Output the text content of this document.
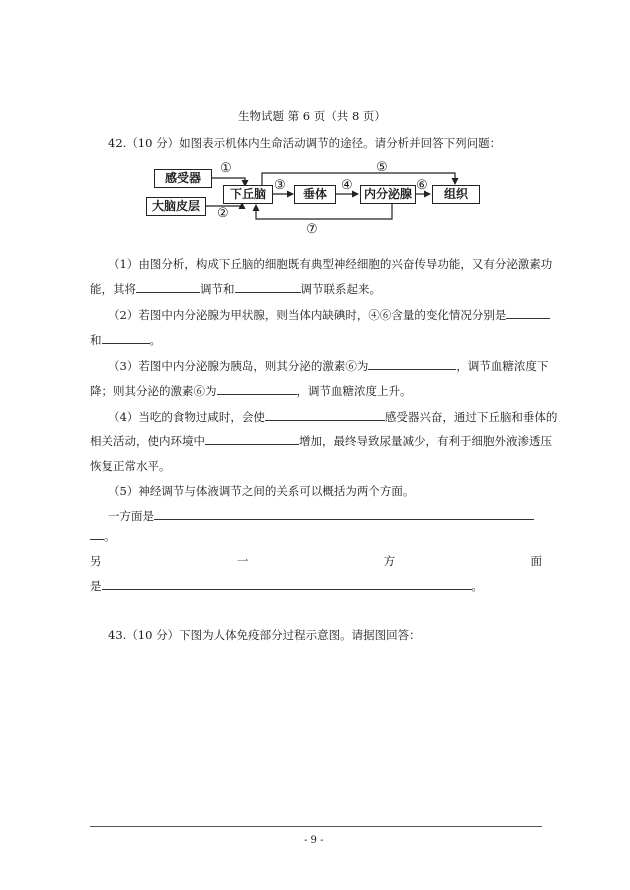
生物试题 第 6 页（共 8 页）
42.（10 分）如图表示机体内生命活动调节的途径。请分析并回答下列问题：
感受器
大脑皮层
下丘脑	垂体	内分泌腺	组织
①
②
③	④
⑤
⑥
⑦
（1）由图分析，构成下丘脑的细胞既有典型神经细胞的兴奋传导功能，又有分泌激素功
能，其将	调节和	调节联系起来。
（2）若图中内分泌腺为甲状腺，则当体内缺碘时，④⑥含量的变化情况分别是
和	。
（3）若图中内分泌腺为胰岛，则其分泌的激素⑥为	，调节血糖浓度下
降；则其分泌的激素⑥为	，调节血糖浓度上升。
（4）当吃的食物过咸时，会使	感受器兴奋，通过下丘脑和垂体的
相关活动，使内环境中	增加，最终导致尿量减少，有利于细胞外液渗透压
恢复正常水平。
（5）神经调节与体液调节之间的关系可以概括为两个方面。
一方面是
。
另	一	方	面
是	。
43.（10 分）下图为人体免疫部分过程示意图。请据图回答：
- 9 -
